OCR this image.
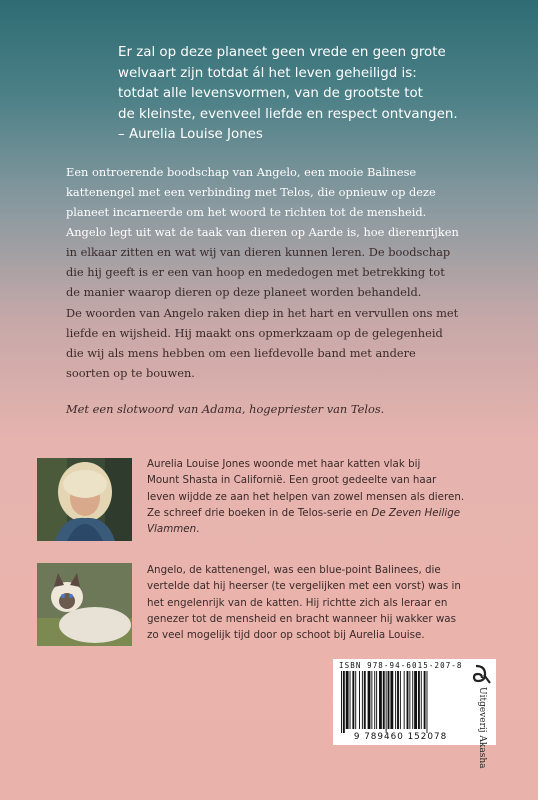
Er zal op deze planeet geen vrede en geen grote
welvaart zijn totdat ál het leven geheiligd is:
totdat alle levensvormen, van de grootste tot
de kleinste, evenveel liefde en respect ontvangen.
– Aurelia Louise Jones
Een ontroerende boodschap van Angelo, een mooie Balinese
kattenengel met een verbinding met Telos, die opnieuw op deze
planeet incarneerde om het woord te richten tot de mensheid.
Angelo legt uit wat de taak van dieren op Aarde is, hoe dierenrijken
in elkaar zitten en wat wij van dieren kunnen leren. De boodschap
die hij geeft is er een van hoop en mededogen met betrekking tot
de manier waarop dieren op deze planeet worden behandeld.
De woorden van Angelo raken diep in het hart en vervullen ons met
liefde en wijsheid. Hij maakt ons opmerkzaam op de gelegenheid
die wij als mens hebben om een liefdevolle band met andere
soorten op te bouwen.
Met een slotwoord van Adama, hogepriester van Telos.
Aurelia Louise Jones woonde met haar katten vlak bij
Mount Shasta in Californië. Een groot gedeelte van haar
leven wijdde ze aan het helpen van zowel mensen als dieren.
Ze schreef drie boeken in de Telos-serie en De Zeven Heilige
Vlammen.
Angelo, de kattenengel, was een blue-point Balinees, die
vertelde dat hij heerser (te vergelijken met een vorst) was in
het engelenrijk van de katten. Hij richtte zich als leraar en
genezer tot de mensheid en bracht wanneer hij wakker was
zo veel mogelijk tijd door op schoot bij Aurelia Louise.
ISBN 978-94-6015-207-8
9 789460 152078	Uitgeverij Akasha
